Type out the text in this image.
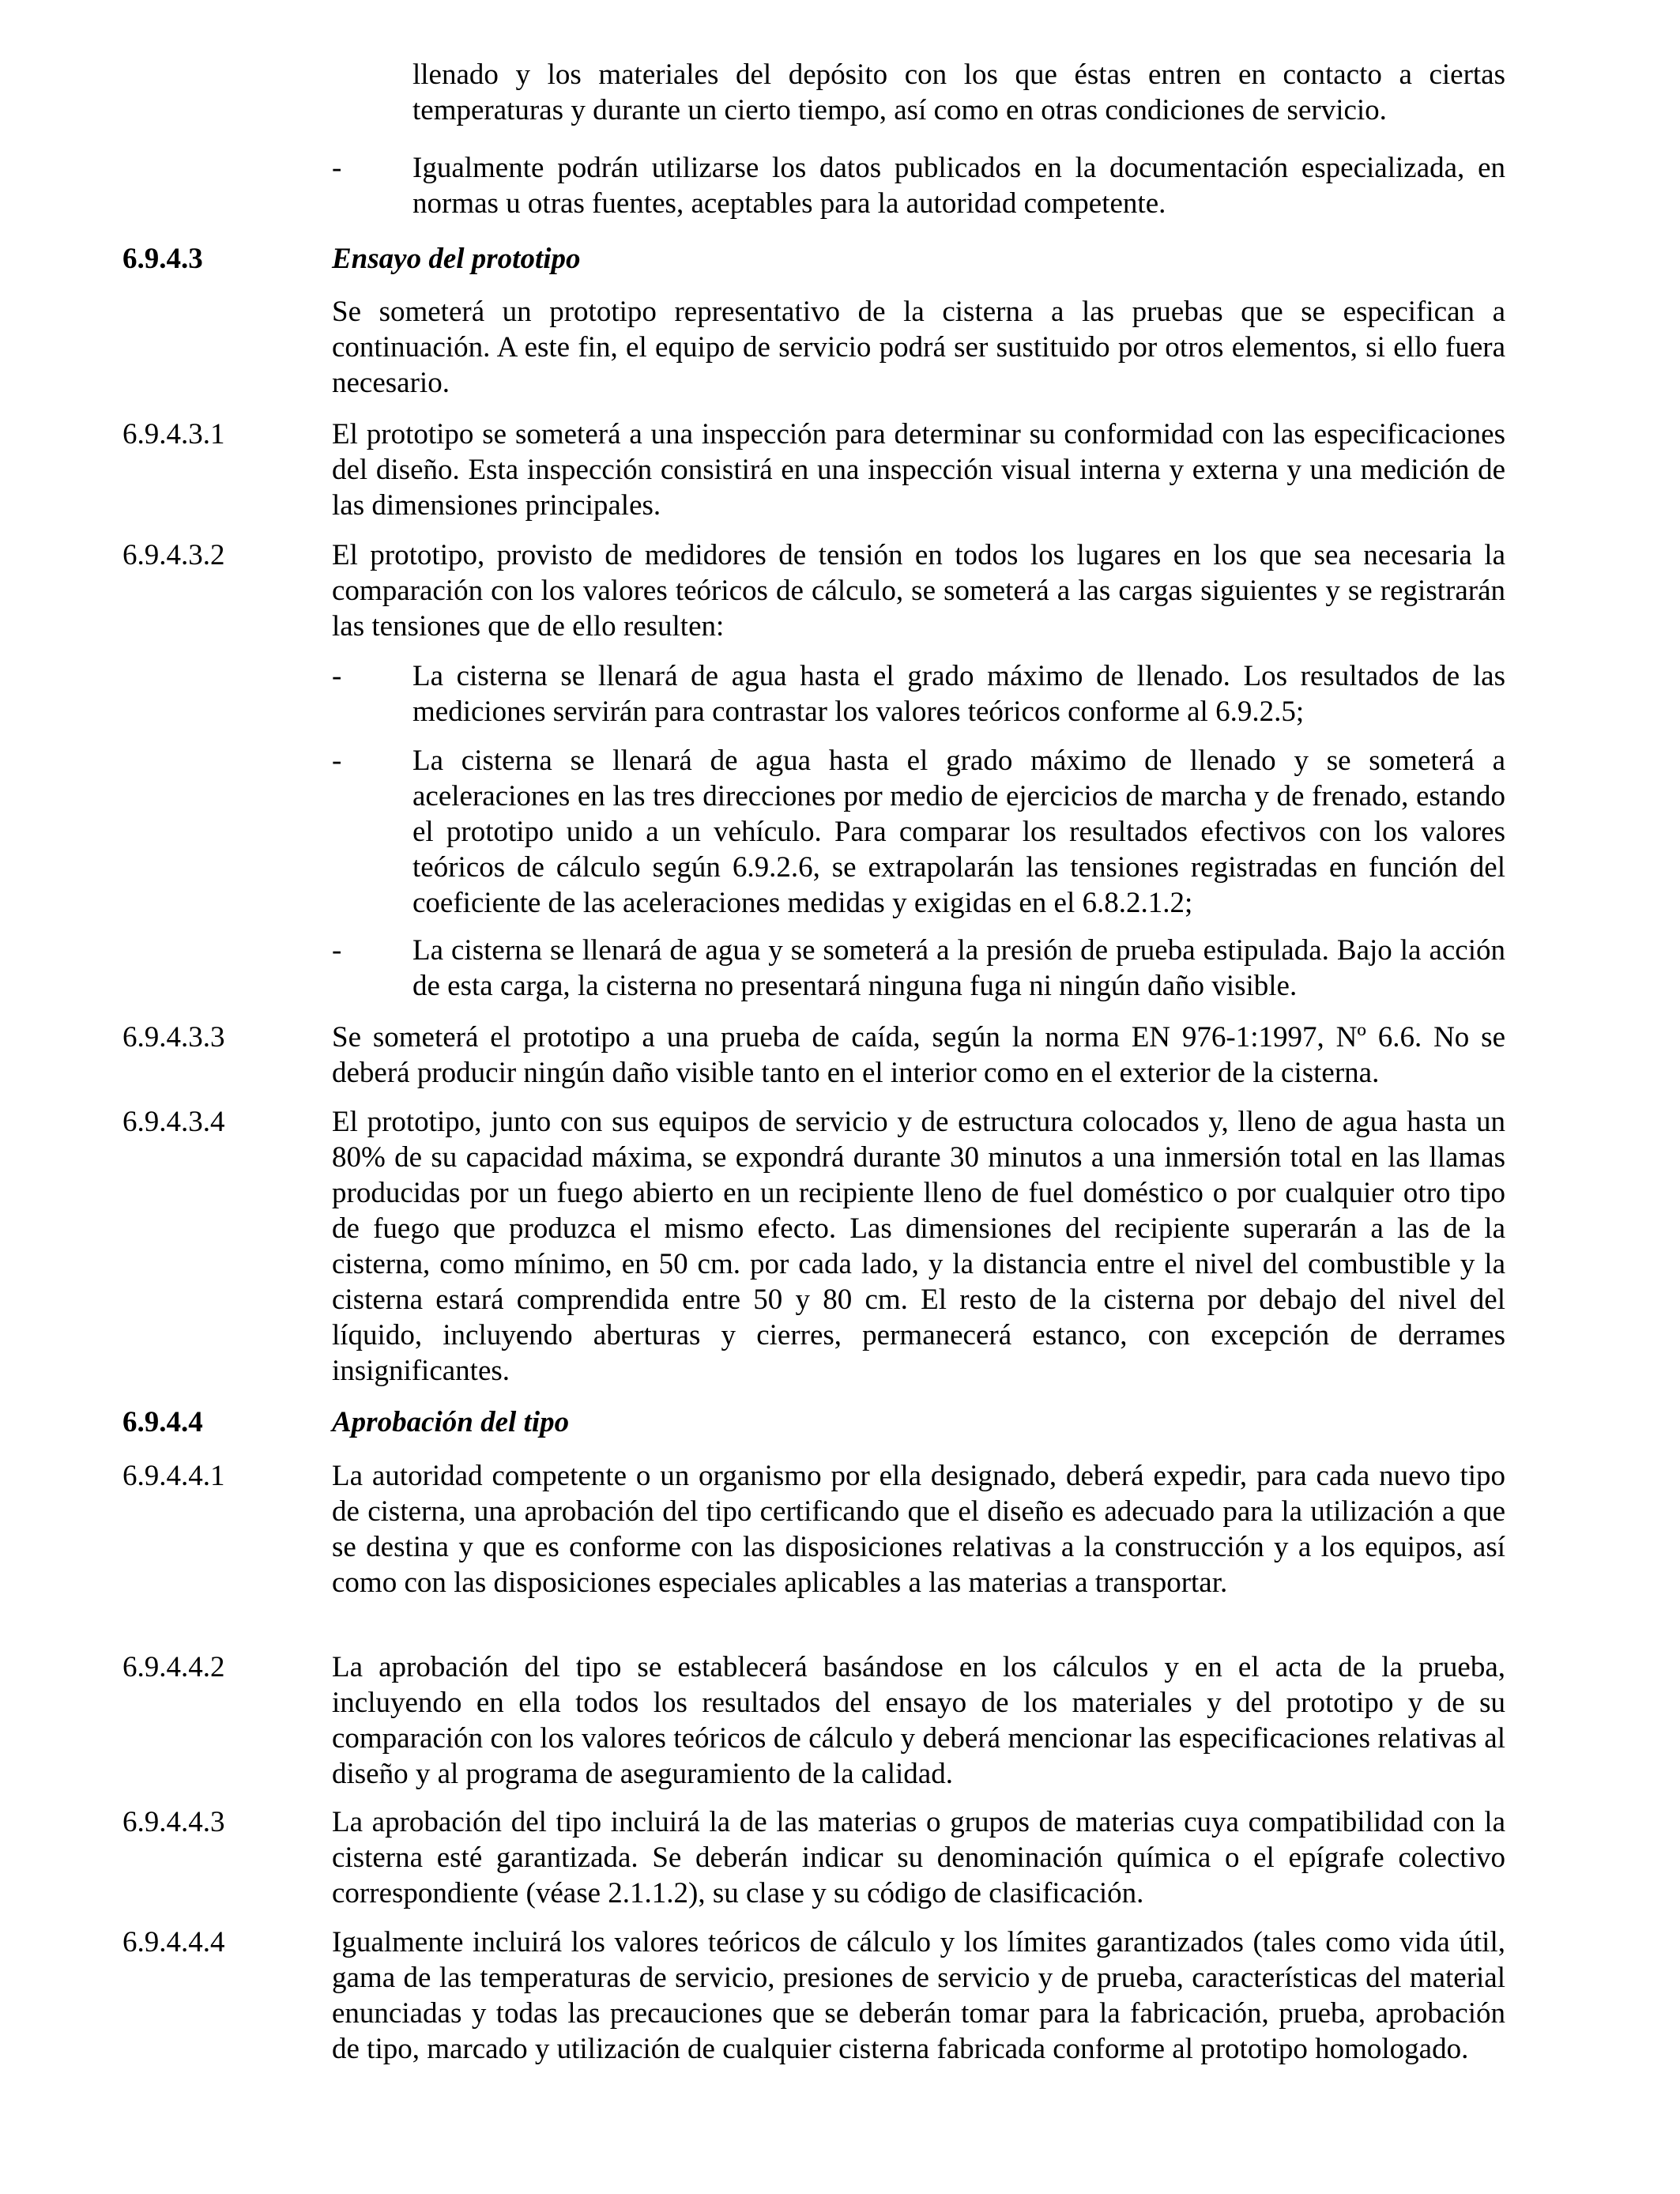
llenado y los materiales del depósito con los que éstas entren en contacto a ciertas temperaturas y durante un cierto tiempo, así como en otras condiciones de servicio.
- Igualmente podrán utilizarse los datos publicados en la documentación especializada, en normas u otras fuentes, aceptables para la autoridad competente.
6.9.4.3	Ensayo del prototipo
Se someterá un prototipo representativo de la cisterna a las pruebas que se especifican a continuación. A este fin, el equipo de servicio podrá ser sustituido por otros elementos, si ello fuera necesario.
6.9.4.3.1	El prototipo se someterá a una inspección para determinar su conformidad con las especificaciones del diseño. Esta inspección consistirá en una inspección visual interna y externa y una medición de las dimensiones principales.
6.9.4.3.2	El prototipo, provisto de medidores de tensión en todos los lugares en los que sea necesaria la comparación con los valores teóricos de cálculo, se someterá a las cargas siguientes y se registrarán las tensiones que de ello resulten:
- La cisterna se llenará de agua hasta el grado máximo de llenado. Los resultados de las mediciones servirán para contrastar los valores teóricos conforme al 6.9.2.5;
- La cisterna se llenará de agua hasta el grado máximo de llenado y se someterá a aceleraciones en las tres direcciones por medio de ejercicios de marcha y de frenado, estando el prototipo unido a un vehículo. Para comparar los resultados efectivos con los valores teóricos de cálculo según 6.9.2.6, se extrapolarán las tensiones registradas en función del coeficiente de las aceleraciones medidas y exigidas en el 6.8.2.1.2;
- La cisterna se llenará de agua y se someterá a la presión de prueba estipulada. Bajo la acción de esta carga, la cisterna no presentará ninguna fuga ni ningún daño visible.
6.9.4.3.3	Se someterá el prototipo a una prueba de caída, según la norma EN 976-1:1997, Nº 6.6. No se deberá producir ningún daño visible tanto en el interior como en el exterior de la cisterna.
6.9.4.3.4	El prototipo, junto con sus equipos de servicio y de estructura colocados y, lleno de agua hasta un 80% de su capacidad máxima, se expondrá durante 30 minutos a una inmersión total en las llamas producidas por un fuego abierto en un recipiente lleno de fuel doméstico o por cualquier otro tipo de fuego que produzca el mismo efecto. Las dimensiones del recipiente superarán a las de la cisterna, como mínimo, en 50 cm. por cada lado, y la distancia entre el nivel del combustible y la cisterna estará comprendida entre 50 y 80 cm. El resto de la cisterna por debajo del nivel del líquido, incluyendo aberturas y cierres, permanecerá estanco, con excepción de derrames insignificantes.
6.9.4.4	Aprobación del tipo
6.9.4.4.1	La autoridad competente o un organismo por ella designado, deberá expedir, para cada nuevo tipo de cisterna, una aprobación del tipo certificando que el diseño es adecuado para la utilización a que se destina y que es conforme con las disposiciones relativas a la construcción y a los equipos, así como con las disposiciones especiales aplicables a las materias a transportar.
6.9.4.4.2	La aprobación del tipo se establecerá basándose en los cálculos y en el acta de la prueba, incluyendo en ella todos los resultados del ensayo de los materiales y del prototipo y de su comparación con los valores teóricos de cálculo y deberá mencionar las especificaciones relativas al diseño y al programa de aseguramiento de la calidad.
6.9.4.4.3	La aprobación del tipo incluirá la de las materias o grupos de materias cuya compatibilidad con la cisterna esté garantizada. Se deberán indicar su denominación química o el epígrafe colectivo correspondiente (véase 2.1.1.2), su clase y su código de clasificación.
6.9.4.4.4	Igualmente incluirá los valores teóricos de cálculo y los límites garantizados (tales como vida útil, gama de las temperaturas de servicio, presiones de servicio y de prueba, características del material enunciadas y todas las precauciones que se deberán tomar para la fabricación, prueba, aprobación de tipo, marcado y utilización de cualquier cisterna fabricada conforme al prototipo homologado.
